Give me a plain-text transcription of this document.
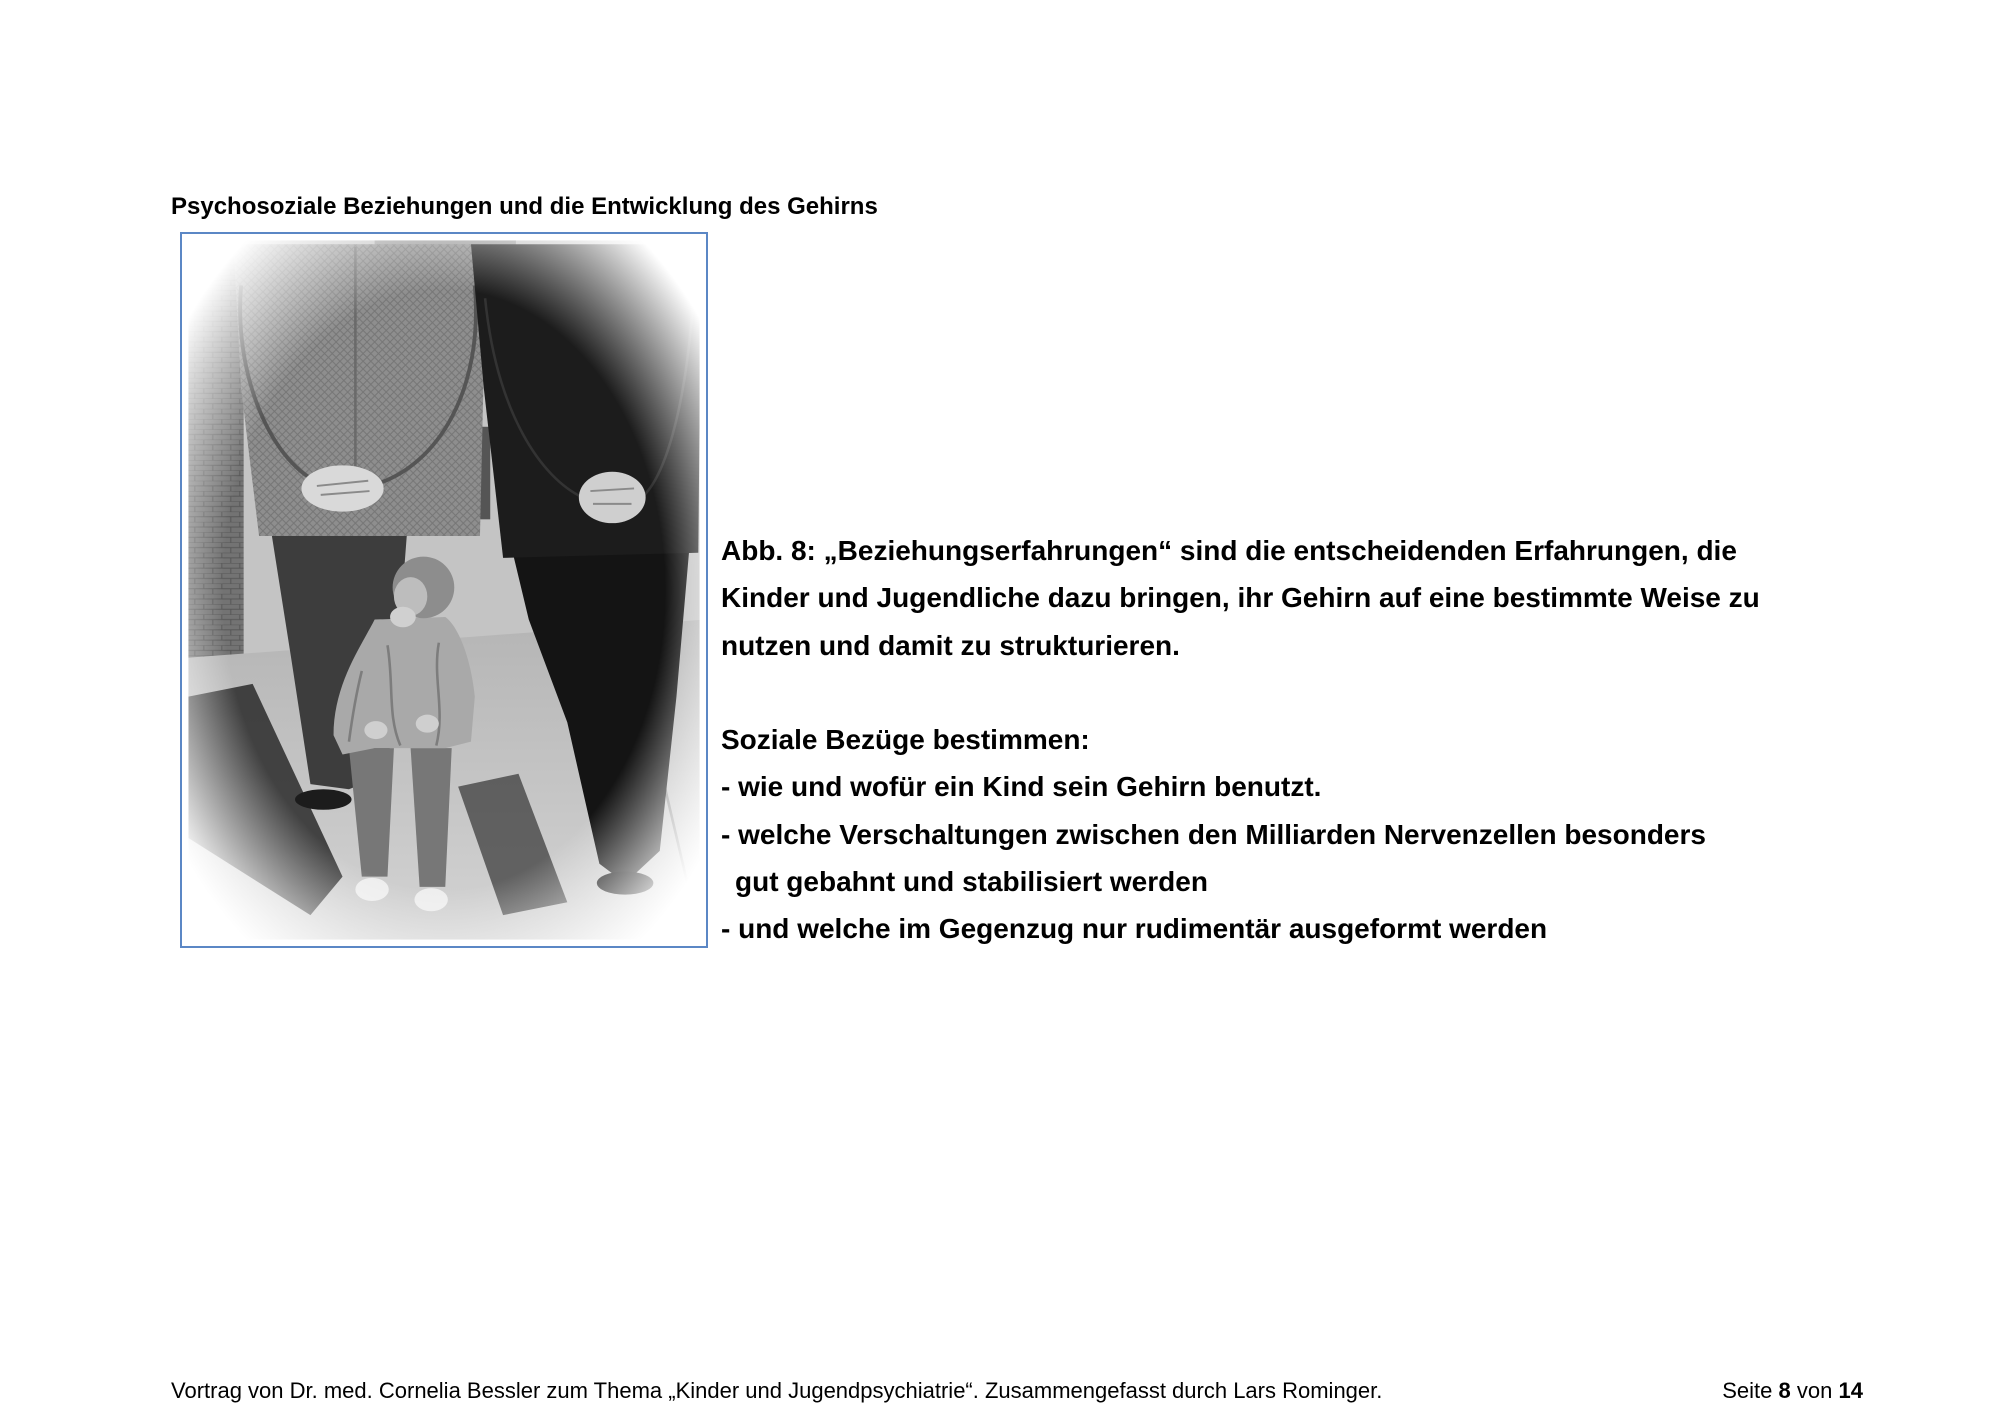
Psychosoziale Beziehungen und die Entwicklung des Gehirns
Abb. 8: „Beziehungserfahrungen“ sind die entscheidenden Erfahrungen, die
Kinder und Jugendliche dazu bringen, ihr Gehirn auf eine bestimmte Weise zu
nutzen und damit zu strukturieren.
Soziale Bezüge bestimmen:
- wie und wofür ein Kind sein Gehirn benutzt.
- welche Verschaltungen zwischen den Milliarden Nervenzellen besonders
gut gebahnt und stabilisiert werden
- und welche im Gegenzug nur rudimentär ausgeformt werden
Vortrag von Dr. med. Cornelia Bessler zum Thema „Kinder und Jugendpsychiatrie“. Zusammengefasst durch Lars Rominger.	Seite 8 von 14
